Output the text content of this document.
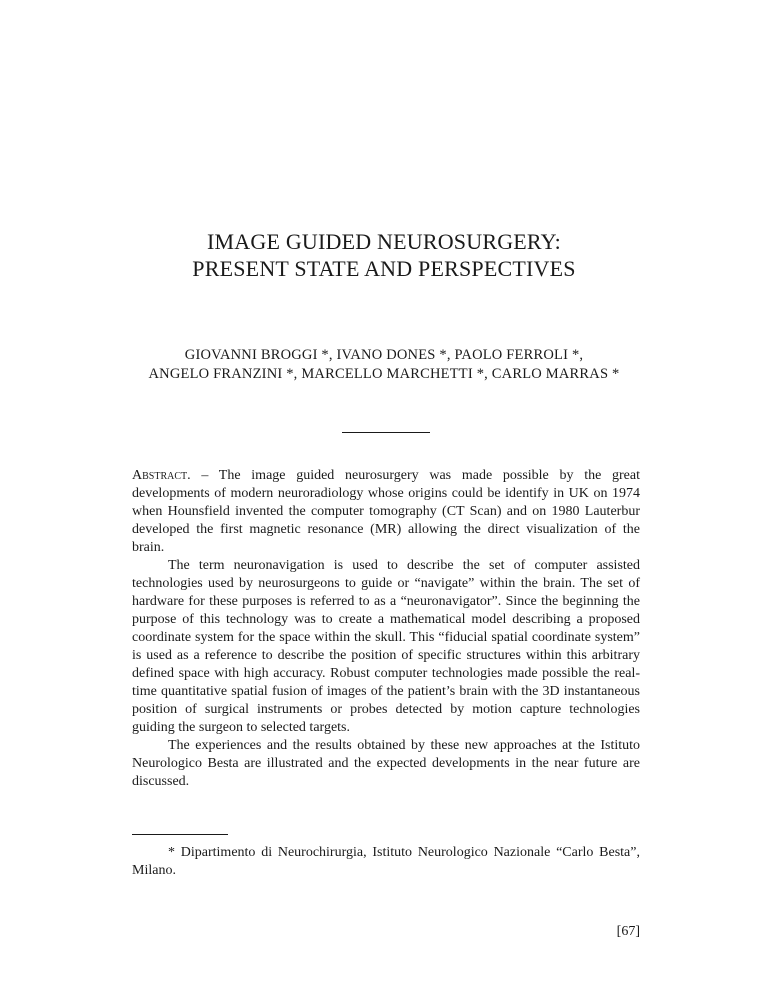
IMAGE GUIDED NEUROSURGERY:
PRESENT STATE AND PERSPECTIVES
GIOVANNI BROGGI *, IVANO DONES *, PAOLO FERROLI *,
ANGELO FRANZINI *, MARCELLO MARCHETTI *, CARLO MARRAS *

Abstract. – The image guided neurosurgery was made possible by the great developments of modern neuroradiology whose origins could be identify in UK on 1974 when Hounsfield invented the computer tomography (CT Scan) and on 1980 Lauterbur developed the first magnetic resonance (MR) allowing the direct visualization of the brain.

The term neuronavigation is used to describe the set of computer assisted technologies used by neurosurgeons to guide or “navigate” within the brain. The set of hardware for these purposes is referred to as a “neuronavigator”. Since the beginning the purpose of this technology was to create a mathematical model describing a proposed coordinate system for the space within the skull. This “fiducial spatial coordinate system” is used as a reference to describe the position of specific structures within this arbitrary defined space with high accuracy. Robust computer technologies made possible the real-time quantitative spatial fusion of images of the patient’s brain with the 3D instantaneous position of surgical instruments or probes detected by motion capture technologies guiding the surgeon to selected targets.

The experiences and the results obtained by these new approaches at the Istituto Neurologico Besta are illustrated and the expected developments in the near future are discussed.

* Dipartimento di Neurochirurgia, Istituto Neurologico Nazionale “Carlo Besta”, Milano.
[67]
